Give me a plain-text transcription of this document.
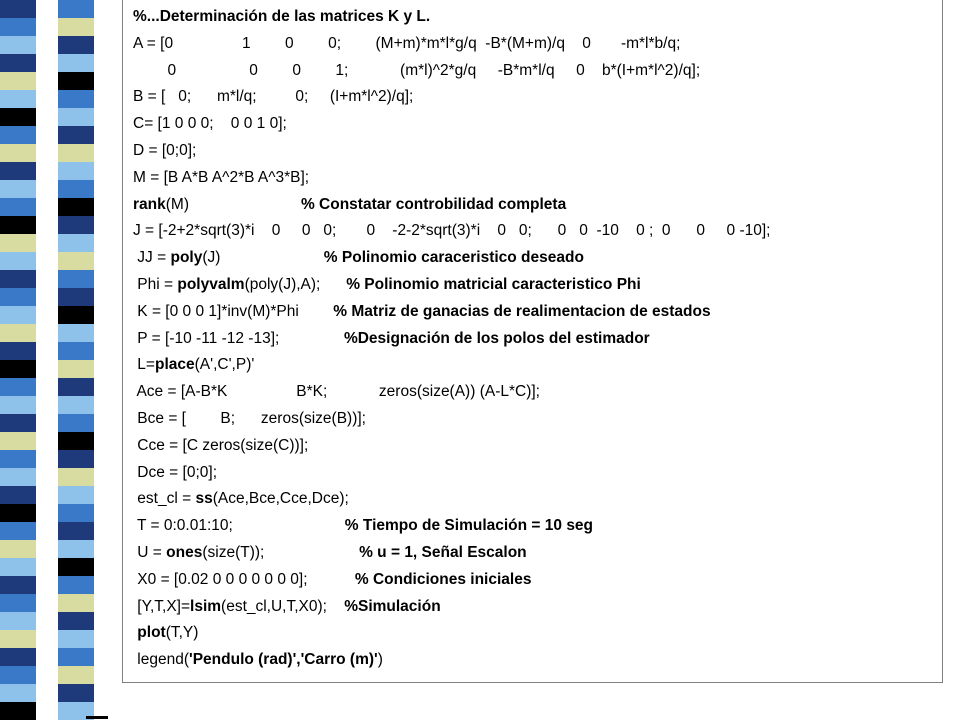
%...Determinación de las matrices K y L.
A = [0                1        0        0;        (M+m)*m*l*g/q  -B*(M+m)/q    0       -m*l*b/q;
0                 0        0        1;            (m*l)^2*g/q     -B*m*l/q     0    b*(I+m*l^2)/q];
B = [   0;      m*l/q;         0;     (I+m*l^2)/q];
C= [1 0 0 0;    0 0 1 0];
D = [0;0];
M = [B A*B A^2*B A^3*B];
rank(M)                          % Constatar controbilidad completa
J = [-2+2*sqrt(3)*i    0     0   0;       0    -2-2*sqrt(3)*i    0   0;      0   0  -10    0 ;  0      0     0 -10];
JJ = poly(J)                        % Polinomio caraceristico deseado
Phi = polyvalm(poly(J),A);      % Polinomio matricial caracteristico Phi
K = [0 0 0 1]*inv(M)*Phi        % Matriz de ganacias de realimentacion de estados
P = [-10 -11 -12 -13];               %Designación de los polos del estimador
L=place(A',C',P)'
Ace = [A-B*K                B*K;            zeros(size(A)) (A-L*C)];
Bce = [        B;      zeros(size(B))];
Cce = [C zeros(size(C))];
Dce = [0;0];
est_cl = ss(Ace,Bce,Cce,Dce);
T = 0:0.01:10;                          % Tiempo de Simulación = 10 seg
U = ones(size(T));                      % u = 1, Señal Escalon
X0 = [0.02 0 0 0 0 0 0 0];           % Condiciones iniciales
[Y,T,X]=lsim(est_cl,U,T,X0);    %Simulación
plot(T,Y)
legend('Pendulo (rad)','Carro (m)')
